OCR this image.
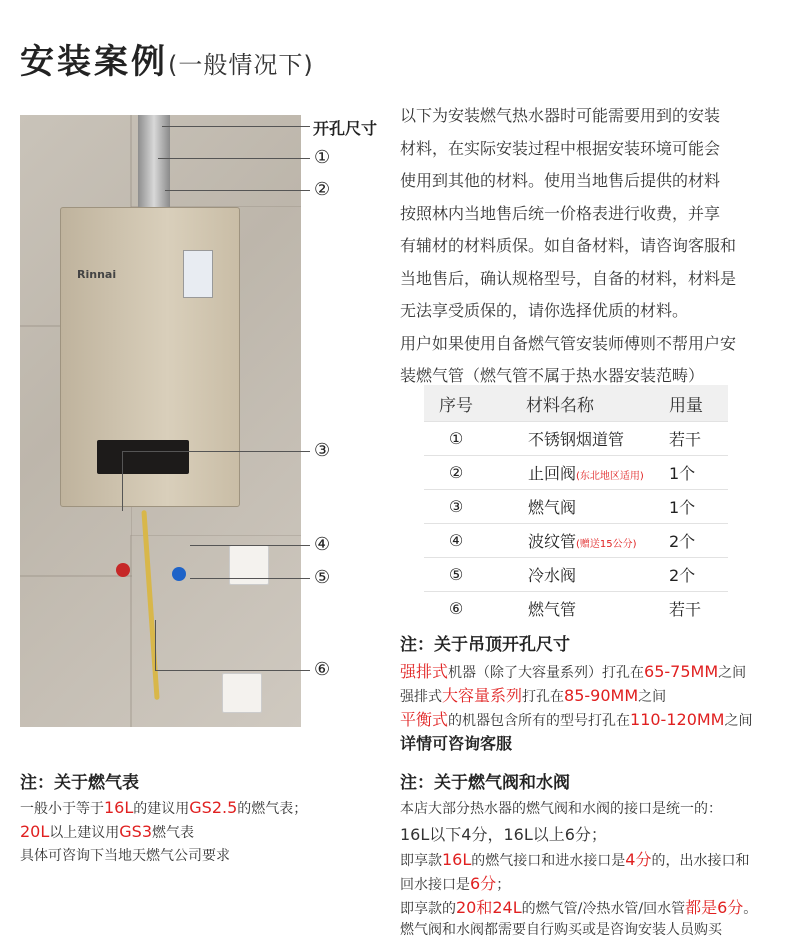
安装案例(一般情况下)
Rinnai
开孔尺寸
①
②
③
④
⑤
⑥
以下为安装燃气热水器时可能需要用到的安装
材料，在实际安装过程中根据安装环境可能会
使用到其他的材料。使用当地售后提供的材料
按照林内当地售后统一价格表进行收费，并享
有辅材的材料质保。如自备材料，请咨询客服和
当地售后，确认规格型号，自备的材料，材料是
无法享受质保的，请你选择优质的材料。
用户如果使用自备燃气管安装师傅则不帮用户安
装燃气管（燃气管不属于热水器安装范畴）
序号	材料名称	用量
①	不锈钢烟道管	若干
②	止回阀(东北地区适用)	1个
③	燃气阀	1个
④	波纹管(赠送15公分)	2个
⑤	冷水阀	2个
⑥	燃气管	若干
注：关于吊顶开孔尺寸
强排式机器（除了大容量系列）打孔在65-75MM之间
强排式大容量系列打孔在85-90MM之间
平衡式的机器包含所有的型号打孔在110-120MM之间
详情可咨询客服
注：关于燃气表
一般小于等于16L的建议用GS2.5的燃气表；
20L以上建议用GS3燃气表
具体可咨询下当地天燃气公司要求
注：关于燃气阀和水阀
本店大部分热水器的燃气阀和水阀的接口是统一的：
16L以下4分，16L以上6分；
即享款16L的燃气接口和进水接口是4分的，出水接口和
回水接口是6分；
即享款的20和24L的燃气管/冷热水管/回水管都是6分。
燃气阀和水阀都需要自行购买或是咨询安装人员购买
